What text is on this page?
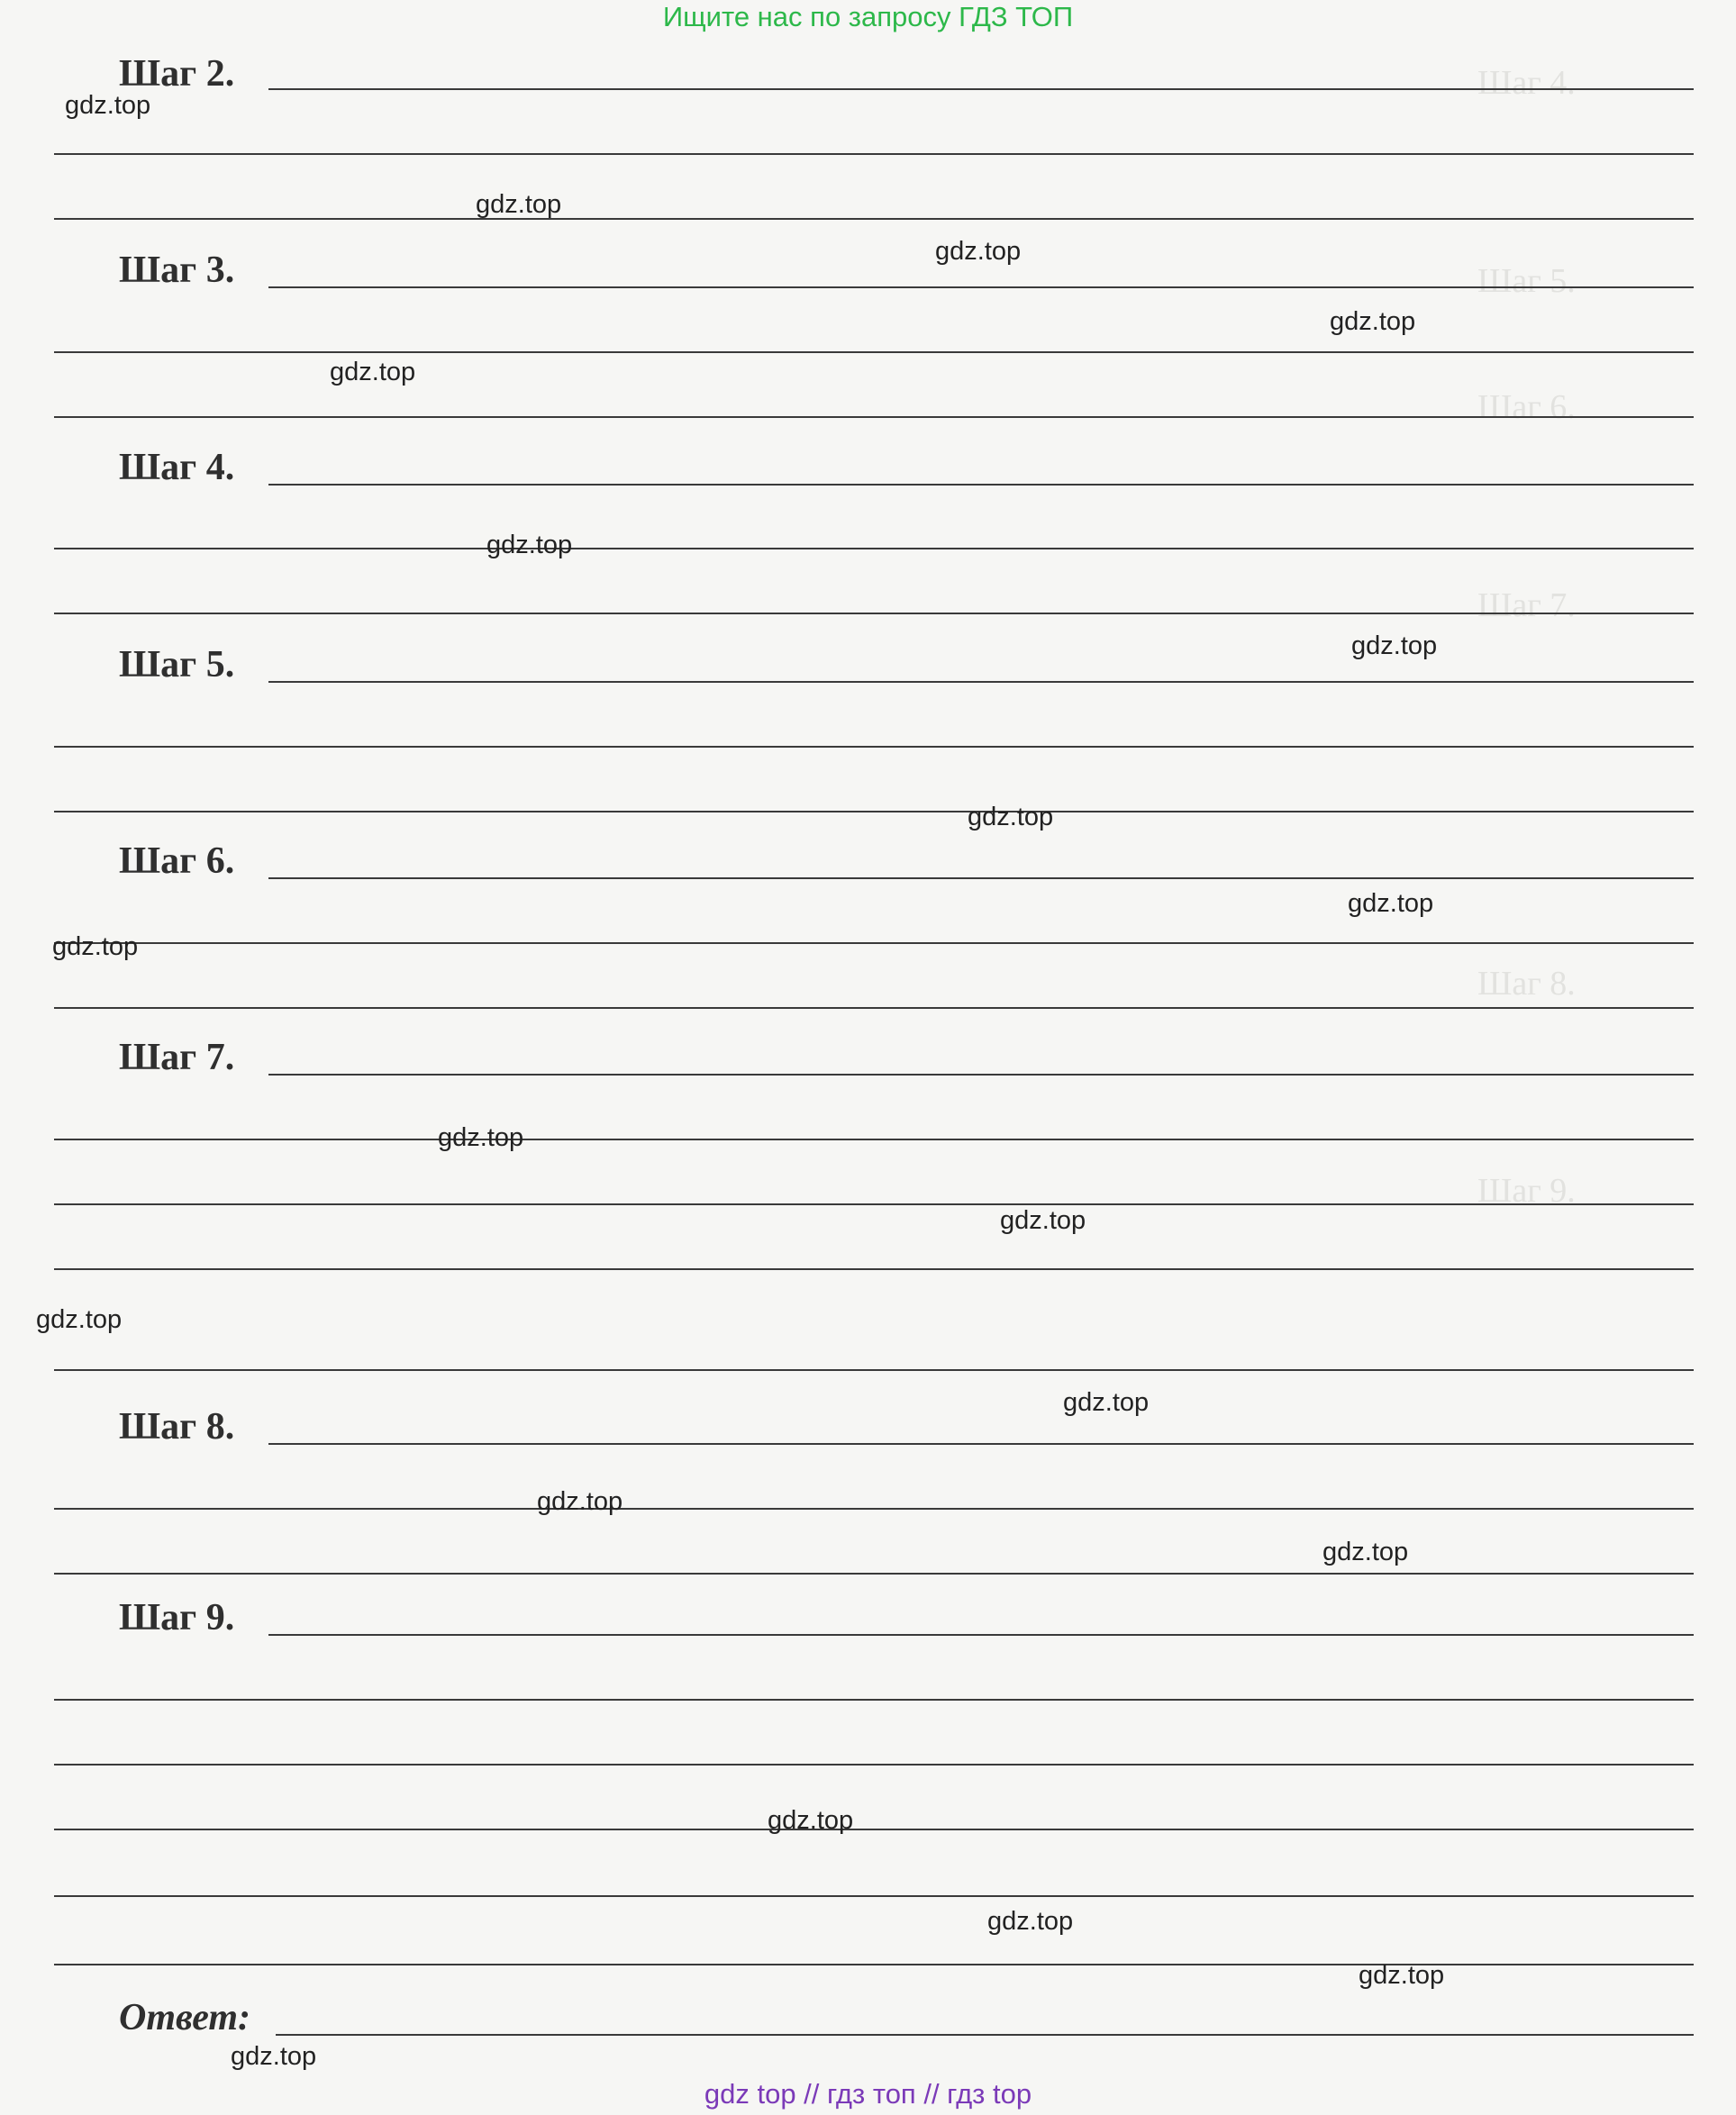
Шаг 4.
Шаг 5.
Шаг 6.
Шаг 7.
Шаг 8.
Шаг 9.
Ищите нас по запросу ГДЗ ТОП
Шаг 2.
Шаг 3.
Шаг 4.
Шаг 5.
Шаг 6.
Шаг 7.
Шаг 8.
Шаг 9.
Ответ:
gdz.top
gdz.top
gdz.top
gdz.top
gdz.top
gdz.top
gdz.top
gdz.top
gdz.top
gdz.top
gdz.top
gdz.top
gdz.top
gdz.top
gdz.top
gdz.top
gdz.top
gdz.top
gdz.top
gdz.top
gdz top // гдз топ // гдз top
